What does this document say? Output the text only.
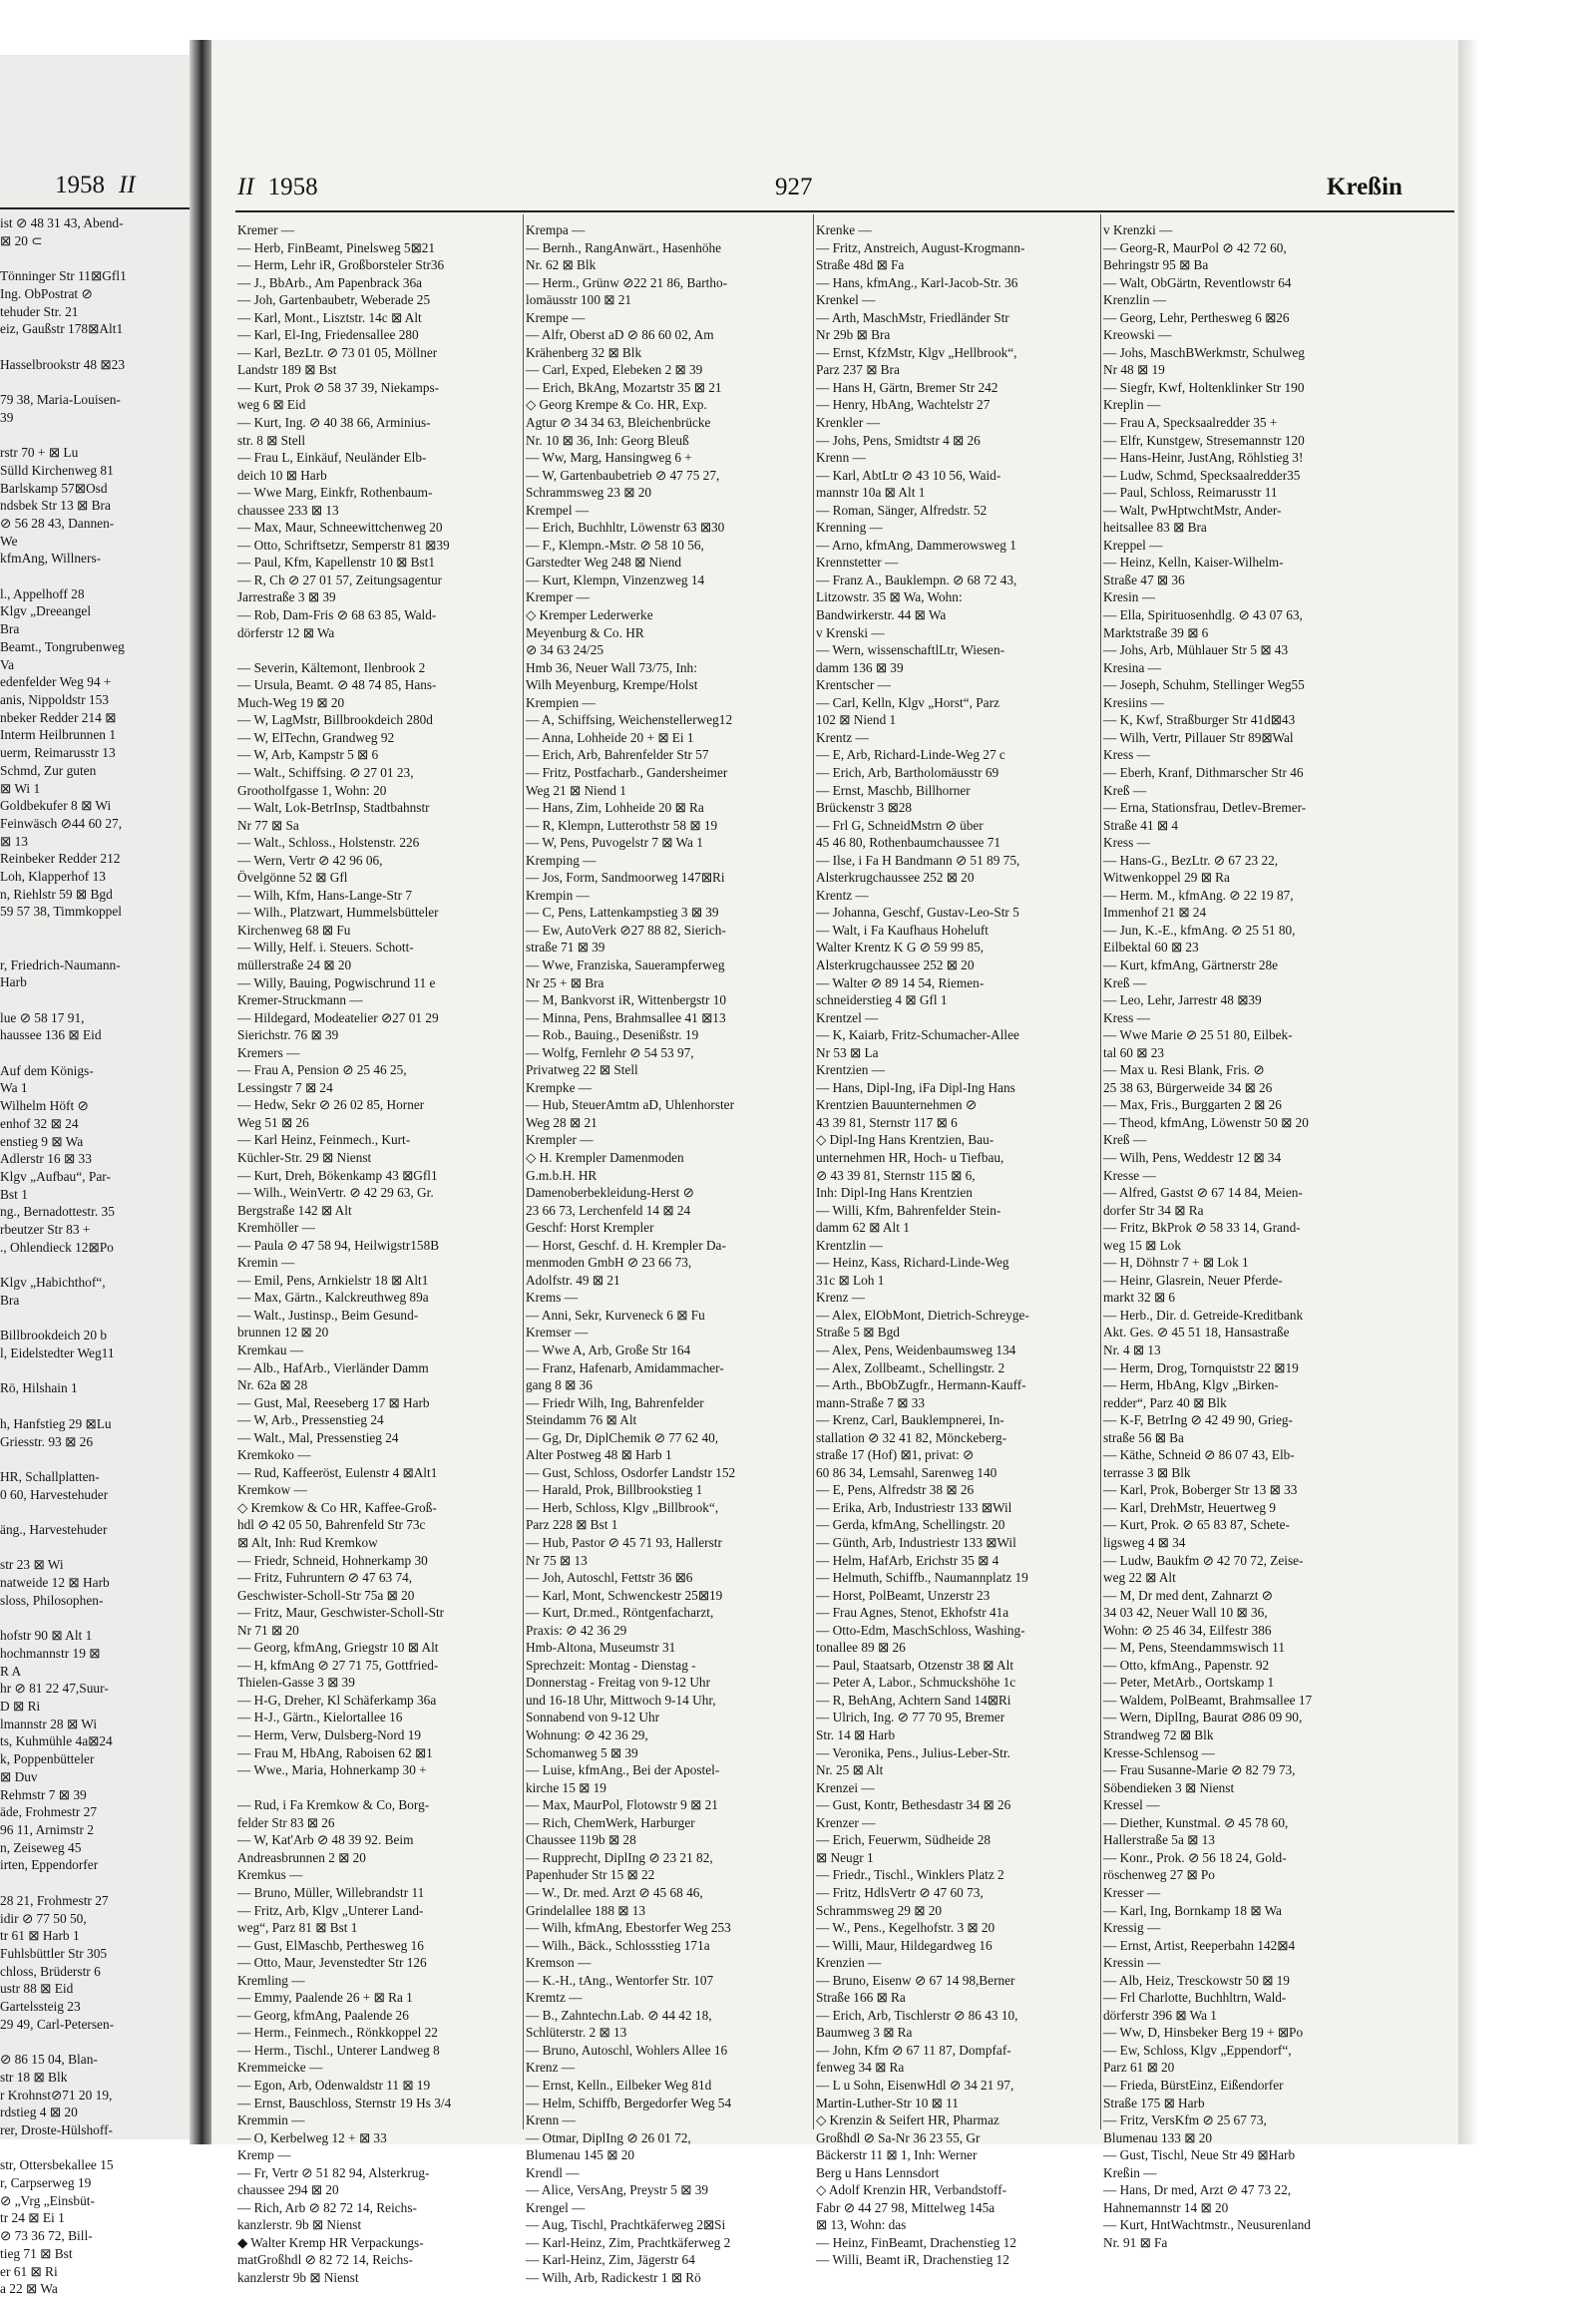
1958 II
ist ⊘ 48 31 43, Abend-
⊠ 20 ⊂

Tönninger Str 11⊠Gfl1
Ing. ObPostrat ⊘
tehuder Str. 21
eiz, Gaußstr 178⊠Alt1

Hasselbrookstr 48 ⊠23

79 38, Maria-Louisen-
39

rstr 70 + ⊠ Lu
Sülld Kirchenweg 81
Barlskamp 57⊠Osd
ndsbek Str 13 ⊠ Bra
⊘ 56 28 43, Dannen-
We
kfmAng, Willners-

l., Appelhoff 28
Klgv „Dreeangel
Bra
Beamt., Tongrubenweg
Va
edenfelder Weg 94 +
anis, Nippoldstr 153
nbeker Redder 214 ⊠
Interm Heilbrunnen 1
uerm, Reimarusstr 13
Schmd, Zur guten
⊠ Wi 1
Goldbekufer 8 ⊠ Wi
Feinwäsch ⊘44 60 27,
⊠ 13
Reinbeker Redder 212
Loh, Klapperhof 13
n, Riehlstr 59 ⊠ Bgd
59 57 38, Timmkoppel

r, Friedrich-Naumann-
Harb

lue ⊘ 58 17 91,
haussee 136 ⊠ Eid

Auf dem Königs-
Wa 1
Wilhelm Höft ⊘
enhof 32 ⊠ 24
enstieg 9 ⊠ Wa
Adlerstr 16 ⊠ 33
Klgv „Aufbau“, Par-
Bst 1
ng., Bernadottestr. 35
rbeutzer Str 83 +
., Ohlendieck 12⊠Po

Klgv „Habichthof“,
Bra

Billbrookdeich 20 b
l, Eidelstedter Weg11

Rö, Hilshain 1

h, Hanfstieg 29 ⊠Lu
Griesstr. 93 ⊠ 26

HR, Schallplatten-
0 60, Harvestehuder

äng., Harvestehuder

str 23 ⊠ Wi
natweide 12 ⊠ Harb
sloss, Philosophen-

hofstr 90 ⊠ Alt 1
hochmannstr 19 ⊠
R A
hr ⊘ 81 22 47,Suur-
D ⊠ Ri
lmannstr 28 ⊠ Wi
ts, Kuhmühle 4a⊠24
k, Poppenbütteler
⊠ Duv
Rehmstr 7 ⊠ 39
äde, Frohmestr 27
96 11, Arnimstr 2
n, Zeiseweg 45
irten, Eppendorfer

28 21, Frohmestr 27
idir ⊘ 77 50 50,
tr 61 ⊠ Harb 1
Fuhlsbüttler Str 305
chloss, Brüderstr 6
ustr 88 ⊠ Eid
Gartelssteig 23
29 49, Carl-Petersen-

⊘ 86 15 04, Blan-
str 18 ⊠ Blk
r Krohnst⊘71 20 19,
rdstieg 4 ⊠ 20
rer, Droste-Hülshoff-

str, Ottersbekallee 15
r, Carpserweg 19
⊘ „Vrg „Einsbüt-
tr 24 ⊠ Ei 1
⊘ 73 36 72, Bill-
tieg 71 ⊠ Bst
er 61 ⊠ Ri
a 22 ⊠ Wa
II 1958	927	Kreßin
Kremer —
— Herb, FinBeamt, Pinelsweg 5⊠21
— Herm, Lehr iR, Großborsteler Str36
— J., BbArb., Am Papenbrack 36a
— Joh, Gartenbaubetr, Weberade 25
— Karl, Mont., Lisztstr. 14c ⊠ Alt
— Karl, El-Ing, Friedensallee 280
— Karl, BezLtr. ⊘ 73 01 05, Möllner
Landstr 189 ⊠ Bst
— Kurt, Prok ⊘ 58 37 39, Niekamps-
weg 6 ⊠ Eid
— Kurt, Ing. ⊘ 40 38 66, Arminius-
str. 8 ⊠ Stell
— Frau L, Einkäuf, Neuländer Elb-
deich 10 ⊠ Harb
— Wwe Marg, Einkfr, Rothenbaum-
chaussee 233 ⊠ 13
— Max, Maur, Schneewittchenweg 20
— Otto, Schriftsetzr, Semperstr 81 ⊠39
— Paul, Kfm, Kapellenstr 10 ⊠ Bst1
— R, Ch ⊘ 27 01 57, Zeitungsagentur
Jarrestraße 3 ⊠ 39
— Rob, Dam-Fris ⊘ 68 63 85, Wald-
dörferstr 12 ⊠ Wa

— Severin, Kältemont, Ilenbrook 2
— Ursula, Beamt. ⊘ 48 74 85, Hans-
Much-Weg 19 ⊠ 20
— W, LagMstr, Billbrookdeich 280d
— W, ElTechn, Grandweg 92
— W, Arb, Kampstr 5 ⊠ 6
— Walt., Schiffsing. ⊘ 27 01 23,
Grootholfgasse 1, Wohn: 20
— Walt, Lok-BetrInsp, Stadtbahnstr
Nr 77 ⊠ Sa
— Walt., Schloss., Holstenstr. 226
— Wern, Vertr ⊘ 42 96 06,
Övelgönne 52 ⊠ Gfl
— Wilh, Kfm, Hans-Lange-Str 7
— Wilh., Platzwart, Hummelsbütteler
Kirchenweg 68 ⊠ Fu
— Willy, Helf. i. Steuers. Schott-
müllerstraße 24 ⊠ 20
— Willy, Bauing, Pogwischrund 11 e
Kremer-Struckmann —
— Hildegard, Modeatelier ⊘27 01 29
Sierichstr. 76 ⊠ 39
Kremers —
— Frau A, Pension ⊘ 25 46 25,
Lessingstr 7 ⊠ 24
— Hedw, Sekr ⊘ 26 02 85, Horner
Weg 51 ⊠ 26
— Karl Heinz, Feinmech., Kurt-
Küchler-Str. 29 ⊠ Nienst
— Kurt, Dreh, Bökenkamp 43 ⊠Gfl1
— Wilh., WeinVertr. ⊘ 42 29 63, Gr.
Bergstraße 142 ⊠ Alt
Kremhöller —
— Paula ⊘ 47 58 94, Heilwigstr158B
Kremin —
— Emil, Pens, Arnkielstr 18 ⊠ Alt1
— Max, Gärtn., Kalckreuthweg 89a
— Walt., Justinsp., Beim Gesund-
brunnen 12 ⊠ 20
Kremkau —
— Alb., HafArb., Vierländer Damm
Nr. 62a ⊠ 28
— Gust, Mal, Reeseberg 17 ⊠ Harb
— W, Arb., Pressenstieg 24
— Walt., Mal, Pressenstieg 24
Kremkoko —
— Rud, Kaffeeröst, Eulenstr 4 ⊠Alt1
Kremkow —
◇ Kremkow & Co HR, Kaffee-Groß-
hdl ⊘ 42 05 50, Bahrenfeld Str 73c
⊠ Alt, Inh: Rud Kremkow
— Friedr, Schneid, Hohnerkamp 30
— Fritz, Fuhruntern ⊘ 47 63 74,
Geschwister-Scholl-Str 75a ⊠ 20
— Fritz, Maur, Geschwister-Scholl-Str
Nr 71 ⊠ 20
— Georg, kfmAng, Griegstr 10 ⊠ Alt
— H, kfmAng ⊘ 27 71 75, Gottfried-
Thielen-Gasse 3 ⊠ 39
— H-G, Dreher, Kl Schäferkamp 36a
— H-J., Gärtn., Kielortallee 16
— Herm, Verw, Dulsberg-Nord 19
— Frau M, HbAng, Raboisen 62 ⊠1
— Wwe., Maria, Hohnerkamp 30 +

— Rud, i Fa Kremkow & Co, Borg-
felder Str 83 ⊠ 26
— W, Kat'Arb ⊘ 48 39 92. Beim
Andreasbrunnen 2 ⊠ 20
Kremkus —
— Bruno, Müller, Willebrandstr 11
— Fritz, Arb, Klgv „Unterer Land-
weg“, Parz 81 ⊠ Bst 1
— Gust, ElMaschb, Perthesweg 16
— Otto, Maur, Jevenstedter Str 126
Kremling —
— Emmy, Paalende 26 + ⊠ Ra 1
— Georg, kfmAng, Paalende 26
— Herm., Feinmech., Rönkkoppel 22
— Herm., Tischl., Unterer Landweg 8
Kremmeicke —
— Egon, Arb, Odenwaldstr 11 ⊠ 19
— Ernst, Bauschloss, Sternstr 19 Hs 3/4
Kremmin —
— O, Kerbelweg 12 + ⊠ 33
Kremp —
— Fr, Vertr ⊘ 51 82 94, Alsterkrug-
chaussee 294 ⊠ 20
— Rich, Arb ⊘ 82 72 14, Reichs-
kanzlerstr. 9b ⊠ Nienst
◆ Walter Kremp HR Verpackungs-
matGroßhdl ⊘ 82 72 14, Reichs-
kanzlerstr 9b ⊠ Nienst
Krempa —
— Bernh., RangAnwärt., Hasenhöhe
Nr. 62 ⊠ Blk
— Herm., Grünw ⊘22 21 86, Bartho-
lomäusstr 100 ⊠ 21
Krempe —
— Alfr, Oberst aD ⊘ 86 60 02, Am
Krähenberg 32 ⊠ Blk
— Carl, Exped, Elebeken 2 ⊠ 39
— Erich, BkAng, Mozartstr 35 ⊠ 21
◇ Georg Krempe & Co. HR, Exp.
Agtur ⊘ 34 34 63, Bleichenbrücke
Nr. 10 ⊠ 36, Inh: Georg Bleuß
— Ww, Marg, Hansingweg 6 +
— W, Gartenbaubetrieb ⊘ 47 75 27,
Schrammsweg 23 ⊠ 20
Krempel —
— Erich, Buchhltr, Löwenstr 63 ⊠30
— F., Klempn.-Mstr. ⊘ 58 10 56,
Garstedter Weg 248 ⊠ Niend
— Kurt, Klempn, Vinzenzweg 14
Kremper —
◇ Kremper Lederwerke
Meyenburg & Co. HR
⊘ 34 63 24/25
Hmb 36, Neuer Wall 73/75, Inh:
Wilh Meyenburg, Krempe/Holst
Krempien —
— A, Schiffsing, Weichenstellerweg12
— Anna, Lohheide 20 + ⊠ Ei 1
— Erich, Arb, Bahrenfelder Str 57
— Fritz, Postfacharb., Gandersheimer
Weg 21 ⊠ Niend 1
— Hans, Zim, Lohheide 20 ⊠ Ra
— R, Klempn, Lutterothstr 58 ⊠ 19
— W, Pens, Puvogelstr 7 ⊠ Wa 1
Kremping —
— Jos, Form, Sandmoorweg 147⊠Ri
Krempin —
— C, Pens, Lattenkampstieg 3 ⊠ 39
— Ew, AutoVerk ⊘27 88 82, Sierich-
straße 71 ⊠ 39
— Wwe, Franziska, Sauerampferweg
Nr 25 + ⊠ Bra
— M, Bankvorst iR, Wittenbergstr 10
— Minna, Pens, Brahmsallee 41 ⊠13
— Rob., Bauing., Desenißstr. 19
— Wolfg, Fernlehr ⊘ 54 53 97,
Privatweg 22 ⊠ Stell
Krempke —
— Hub, SteuerAmtm aD, Uhlenhorster
Weg 28 ⊠ 21
Krempler —
◇ H. Krempler Damenmoden
G.m.b.H. HR
Damenoberbekleidung-Herst ⊘
23 66 73, Lerchenfeld 14 ⊠ 24
Geschf: Horst Krempler
— Horst, Geschf. d. H. Krempler Da-
menmoden GmbH ⊘ 23 66 73,
Adolfstr. 49 ⊠ 21
Krems —
— Anni, Sekr, Kurveneck 6 ⊠ Fu
Kremser —
— Wwe A, Arb, Große Str 164
— Franz, Hafenarb, Amidammacher-
gang 8 ⊠ 36
— Friedr Wilh, Ing, Bahrenfelder
Steindamm 76 ⊠ Alt
— Gg, Dr, DiplChemik ⊘ 77 62 40,
Alter Postweg 48 ⊠ Harb 1
— Gust, Schloss, Osdorfer Landstr 152
— Harald, Prok, Billbrookstieg 1
— Herb, Schloss, Klgv „Billbrook“,
Parz 228 ⊠ Bst 1
— Hub, Pastor ⊘ 45 71 93, Hallerstr
Nr 75 ⊠ 13
— Joh, Autoschl, Fettstr 36 ⊠6
— Karl, Mont, Schwenckestr 25⊠19
— Kurt, Dr.med., Röntgenfacharzt,
Praxis: ⊘ 42 36 29
Hmb-Altona, Museumstr 31
Sprechzeit: Montag - Dienstag -
Donnerstag - Freitag von 9-12 Uhr
und 16-18 Uhr, Mittwoch 9-14 Uhr,
Sonnabend von 9-12 Uhr
Wohnung: ⊘ 42 36 29,
Schomanweg 5 ⊠ 39
— Luise, kfmAng., Bei der Apostel-
kirche 15 ⊠ 19
— Max, MaurPol, Flotowstr 9 ⊠ 21
— Rich, ChemWerk, Harburger
Chaussee 119b ⊠ 28
— Rupprecht, DiplIng ⊘ 23 21 82,
Papenhuder Str 15 ⊠ 22
— W., Dr. med. Arzt ⊘ 45 68 46,
Grindelallee 188 ⊠ 13
— Wilh, kfmAng, Ebestorfer Weg 253
— Wilh., Bäck., Schlossstieg 171a
Kremson —
— K.-H., tAng., Wentorfer Str. 107
Kremtz —
— B., Zahntechn.Lab. ⊘ 44 42 18,
Schlüterstr. 2 ⊠ 13
— Bruno, Autoschl, Wohlers Allee 16
Krenz —
— Ernst, Kelln., Eilbeker Weg 81d
— Helm, Schiffb, Bergedorfer Weg 54
Krenn —
— Otmar, DiplIng ⊘ 26 01 72,
Blumenau 145 ⊠ 20
Krendl —
— Alice, VersAng, Preystr 5 ⊠ 39
Krengel —
— Aug, Tischl, Prachtkäferweg 2⊠Si
— Karl-Heinz, Zim, Prachtkäferweg 2
— Karl-Heinz, Zim, Jägerstr 64
— Wilh, Arb, Radickestr 1 ⊠ Rö
Krenke —
— Fritz, Anstreich, August-Krogmann-
Straße 48d ⊠ Fa
— Hans, kfmAng., Karl-Jacob-Str. 36
Krenkel —
— Arth, MaschMstr, Friedländer Str
Nr 29b ⊠ Bra
— Ernst, KfzMstr, Klgv „Hellbrook“,
Parz 237 ⊠ Bra
— Hans H, Gärtn, Bremer Str 242
— Henry, HbAng, Wachtelstr 27
Krenkler —
— Johs, Pens, Smidtstr 4 ⊠ 26
Krenn —
— Karl, AbtLtr ⊘ 43 10 56, Waid-
mannstr 10a ⊠ Alt 1
— Roman, Sänger, Alfredstr. 52
Krenning —
— Arno, kfmAng, Dammerowsweg 1
Krennstetter —
— Franz A., Bauklempn. ⊘ 68 72 43,
Litzowstr. 35 ⊠ Wa, Wohn:
Bandwirkerstr. 44 ⊠ Wa
v Krenski —
— Wern, wissenschaftlLtr, Wiesen-
damm 136 ⊠ 39
Krentscher —
— Carl, Kelln, Klgv „Horst“, Parz
102 ⊠ Niend 1
Krentz —
— E, Arb, Richard-Linde-Weg 27 c
— Erich, Arb, Bartholomäusstr 69
— Ernst, Maschb, Billhorner
Brückenstr 3 ⊠28
— Frl G, SchneidMstrn ⊘ über
45 46 80, Rothenbaumchaussee 71
— Ilse, i Fa H Bandmann ⊘ 51 89 75,
Alsterkrugchaussee 252 ⊠ 20
Krentz —
— Johanna, Geschf, Gustav-Leo-Str 5
— Walt, i Fa Kaufhaus Hoheluft
Walter Krentz K G ⊘ 59 99 85,
Alsterkrugchaussee 252 ⊠ 20
— Walter ⊘ 89 14 54, Riemen-
schneiderstieg 4 ⊠ Gfl 1
Krentzel —
— K, Kaiarb, Fritz-Schumacher-Allee
Nr 53 ⊠ La
Krentzien —
— Hans, Dipl-Ing, iFa Dipl-Ing Hans
Krentzien Bauunternehmen ⊘
43 39 81, Sternstr 117 ⊠ 6
◇ Dipl-Ing Hans Krentzien, Bau-
unternehmen HR, Hoch- u Tiefbau,
⊘ 43 39 81, Sternstr 115 ⊠ 6,
Inh: Dipl-Ing Hans Krentzien
— Willi, Kfm, Bahrenfelder Stein-
damm 62 ⊠ Alt 1
Krentzlin —
— Heinz, Kass, Richard-Linde-Weg
31c ⊠ Loh 1
Krenz —
— Alex, ElObMont, Dietrich-Schreyge-
Straße 5 ⊠ Bgd
— Alex, Pens, Weidenbaumsweg 134
— Alex, Zollbeamt., Schellingstr. 2
— Arth., BbObZugfr., Hermann-Kauff-
mann-Straße 7 ⊠ 33
— Krenz, Carl, Bauklempnerei, In-
stallation ⊘ 32 41 82, Mönckeberg-
straße 17 (Hof) ⊠1, privat: ⊘
60 86 34, Lemsahl, Sarenweg 140
— E, Pens, Alfredstr 38 ⊠ 26
— Erika, Arb, Industriestr 133 ⊠Wil
— Gerda, kfmAng, Schellingstr. 20
— Günth, Arb, Industriestr 133 ⊠Wil
— Helm, HafArb, Erichstr 35 ⊠ 4
— Helmuth, Schiffb., Naumannplatz 19
— Horst, PolBeamt, Unzerstr 23
— Frau Agnes, Stenot, Ekhofstr 41a
— Otto-Edm, MaschSchloss, Washing-
tonallee 89 ⊠ 26
— Paul, Staatsarb, Otzenstr 38 ⊠ Alt
— Peter A, Labor., Schmuckshöhe 1c
— R, BehAng, Achtern Sand 14⊠Ri
— Ulrich, Ing. ⊘ 77 70 95, Bremer
Str. 14 ⊠ Harb
— Veronika, Pens., Julius-Leber-Str.
Nr. 25 ⊠ Alt
Krenzei —
— Gust, Kontr, Bethesdastr 34 ⊠ 26
Krenzer —
— Erich, Feuerwm, Südheide 28
⊠ Neugr 1
— Friedr., Tischl., Winklers Platz 2
— Fritz, HdlsVertr ⊘ 47 60 73,
Schrammsweg 29 ⊠ 20
— W., Pens., Kegelhofstr. 3 ⊠ 20
— Willi, Maur, Hildegardweg 16
Krenzien —
— Bruno, Eisenw ⊘ 67 14 98,Berner
Straße 166 ⊠ Ra
— Erich, Arb, Tischlerstr ⊘ 86 43 10,
Baumweg 3 ⊠ Ra
— John, Kfm ⊘ 67 11 87, Dompfaf-
fenweg 34 ⊠ Ra
— L u Sohn, EisenwHdl ⊘ 34 21 97,
Martin-Luther-Str 10 ⊠ 11
◇ Krenzin & Seifert HR, Pharmaz
Großhdl ⊘ Sa-Nr 36 23 55, Gr
Bäckerstr 11 ⊠ 1, Inh: Werner
Berg u Hans Lennsdort
◇ Adolf Krenzin HR, Verbandstoff-
Fabr ⊘ 44 27 98, Mittelweg 145a
⊠ 13, Wohn: das
— Heinz, FinBeamt, Drachenstieg 12
— Willi, Beamt iR, Drachenstieg 12
v Krenzki —
— Georg-R, MaurPol ⊘ 42 72 60,
Behringstr 95 ⊠ Ba
— Walt, ObGärtn, Reventlowstr 64
Krenzlin —
— Georg, Lehr, Perthesweg 6 ⊠26
Kreowski —
— Johs, MaschBWerkmstr, Schulweg
Nr 48 ⊠ 19
— Siegfr, Kwf, Holtenklinker Str 190
Kreplin —
— Frau A, Specksaalredder 35 +
— Elfr, Kunstgew, Stresemannstr 120
— Hans-Heinr, JustAng, Röhlstieg 3!
— Ludw, Schmd, Specksaalredder35
— Paul, Schloss, Reimarusstr 11
— Walt, PwHptwchtMstr, Ander-
heitsallee 83 ⊠ Bra
Kreppel —
— Heinz, Kelln, Kaiser-Wilhelm-
Straße 47 ⊠ 36
Kresin —
— Ella, Spirituosenhdlg. ⊘ 43 07 63,
Marktstraße 39 ⊠ 6
— Johs, Arb, Mühlauer Str 5 ⊠ 43
Kresina —
— Joseph, Schuhm, Stellinger Weg55
Kresiins —
— K, Kwf, Straßburger Str 41d⊠43
— Wilh, Vertr, Pillauer Str 89⊠Wal
Kress —
— Eberh, Kranf, Dithmarscher Str 46
Kreß —
— Erna, Stationsfrau, Detlev-Bremer-
Straße 41 ⊠ 4
Kress —
— Hans-G., BezLtr. ⊘ 67 23 22,
Witwenkoppel 29 ⊠ Ra
— Herm. M., kfmAng. ⊘ 22 19 87,
Immenhof 21 ⊠ 24
— Jun, K.-E., kfmAng. ⊘ 25 51 80,
Eilbektal 60 ⊠ 23
— Kurt, kfmAng, Gärtnerstr 28e
Kreß —
— Leo, Lehr, Jarrestr 48 ⊠39
Kress —
— Wwe Marie ⊘ 25 51 80, Eilbek-
tal 60 ⊠ 23
— Max u. Resi Blank, Fris. ⊘
25 38 63, Bürgerweide 34 ⊠ 26
— Max, Fris., Burggarten 2 ⊠ 26
— Theod, kfmAng, Löwenstr 50 ⊠ 20
Kreß —
— Wilh, Pens, Weddestr 12 ⊠ 34
Kresse —
— Alfred, Gastst ⊘ 67 14 84, Meien-
dorfer Str 34 ⊠ Ra
— Fritz, BkProk ⊘ 58 33 14, Grand-
weg 15 ⊠ Lok
— H, Döhnstr 7 + ⊠ Lok 1
— Heinr, Glasrein, Neuer Pferde-
markt 32 ⊠ 6
— Herb., Dir. d. Getreide-Kreditbank
Akt. Ges. ⊘ 45 51 18, Hansastraße
Nr. 4 ⊠ 13
— Herm, Drog, Tornquiststr 22 ⊠19
— Herm, HbAng, Klgv „Birken-
redder“, Parz 40 ⊠ Blk
— K-F, BetrIng ⊘ 42 49 90, Grieg-
straße 56 ⊠ Ba
— Käthe, Schneid ⊘ 86 07 43, Elb-
terrasse 3 ⊠ Blk
— Karl, Prok, Boberger Str 13 ⊠ 33
— Karl, DrehMstr, Heuertweg 9
— Kurt, Prok. ⊘ 65 83 87, Schete-
ligsweg 4 ⊠ 34
— Ludw, Baukfm ⊘ 42 70 72, Zeise-
weg 22 ⊠ Alt
— M, Dr med dent, Zahnarzt ⊘
34 03 42, Neuer Wall 10 ⊠ 36,
Wohn: ⊘ 25 46 34, Eilfestr 386
— M, Pens, Steendammswisch 11
— Otto, kfmAng., Papenstr. 92
— Peter, MetArb., Oortskamp 1
— Waldem, PolBeamt, Brahmsallee 17
— Wern, DiplIng, Baurat ⊘86 09 90,
Strandweg 72 ⊠ Blk
Kresse-Schlensog —
— Frau Susanne-Marie ⊘ 82 79 73,
Söbendieken 3 ⊠ Nienst
Kressel —
— Diether, Kunstmal. ⊘ 45 78 60,
Hallerstraße 5a ⊠ 13
— Konr., Prok. ⊘ 56 18 24, Gold-
röschenweg 27 ⊠ Po
Kresser —
— Karl, Ing, Bornkamp 18 ⊠ Wa
Kressig —
— Ernst, Artist, Reeperbahn 142⊠4
Kressin —
— Alb, Heiz, Tresckowstr 50 ⊠ 19
— Frl Charlotte, Buchhltrn, Wald-
dörferstr 396 ⊠ Wa 1
— Ww, D, Hinsbeker Berg 19 + ⊠Po
— Ew, Schloss, Klgv „Eppendorf“,
Parz 61 ⊠ 20
— Frieda, BürstEinz, Eißendorfer
Straße 175 ⊠ Harb
— Fritz, VersKfm ⊘ 25 67 73,
Blumenau 133 ⊠ 20
— Gust, Tischl, Neue Str 49 ⊠Harb
Kreßin —
— Hans, Dr med, Arzt ⊘ 47 73 22,
Hahnemannstr 14 ⊠ 20
— Kurt, HntWachtmstr., Neusurenland
Nr. 91 ⊠ Fa
